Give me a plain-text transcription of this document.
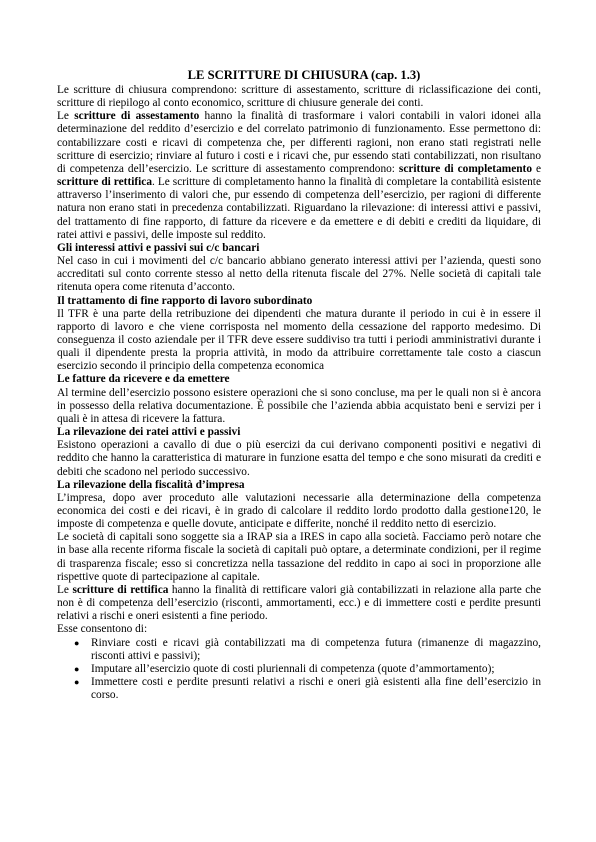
LE SCRITTURE DI CHIUSURA (cap. 1.3)

Le scritture di chiusura comprendono: scritture di assestamento, scritture di riclassificazione dei conti, scritture di riepilogo al conto economico, scritture di chiusure generale dei conti.

Le scritture di assestamento hanno la finalità di trasformare i valori contabili in valori idonei alla determinazione del reddito d’esercizio e del correlato patrimonio di funzionamento. Esse permettono di: contabilizzare costi e ricavi di competenza che, per differenti ragioni, non erano stati registrati nelle scritture di esercizio; rinviare al futuro i costi e i ricavi che, pur essendo stati contabilizzati, non risultano di competenza dell’esercizio. Le scritture di assestamento comprendono: scritture di completamento e scritture di rettifica. Le scritture di completamento hanno la finalità di completare la contabilità esistente attraverso l’inserimento di valori che, pur essendo di competenza dell’esercizio, per ragioni di differente natura non erano stati in precedenza contabilizzati. Riguardano la rilevazione: di interessi attivi e passivi, del trattamento di fine rapporto, di fatture da ricevere e da emettere e di debiti e crediti da liquidare, di ratei attivi e passivi, delle imposte sul reddito.

Gli interessi attivi e passivi sui c/c bancari

Nel caso in cui i movimenti del c/c bancario abbiano generato interessi attivi per l’azienda, questi sono accreditati sul conto corrente stesso al netto della ritenuta fiscale del 27%. Nelle società di capitali tale ritenuta opera come ritenuta d’acconto.

Il trattamento di fine rapporto di lavoro subordinato

Il TFR è una parte della retribuzione dei dipendenti che matura durante il periodo in cui è in essere il rapporto di lavoro e che viene corrisposta nel momento della cessazione del rapporto medesimo. Di conseguenza il costo aziendale per il TFR deve essere suddiviso tra tutti i periodi amministrativi durante i quali il dipendente presta la propria attività, in modo da attribuire correttamente tale costo a ciascun esercizio secondo il principio della competenza economica

Le fatture da ricevere e da emettere

Al termine dell’esercizio possono esistere operazioni che si sono concluse, ma per le quali non si è ancora in possesso della relativa documentazione. È possibile che l’azienda abbia acquistato beni e servizi per i quali è in attesa di ricevere la fattura.

La rilevazione dei ratei attivi e passivi

Esistono operazioni a cavallo di due o più esercizi da cui derivano componenti positivi e negativi di reddito che hanno la caratteristica di maturare in funzione esatta del tempo e che sono misurati da crediti e debiti che scadono nel periodo successivo.

La rilevazione della fiscalità d’impresa

L’impresa, dopo aver proceduto alle valutazioni necessarie alla determinazione della competenza economica dei costi e dei ricavi, è in grado di calcolare il reddito lordo prodotto dalla gestione120, le imposte di competenza e quelle dovute, anticipate e differite, nonché il reddito netto di esercizio.

Le società di capitali sono soggette sia a IRAP sia a IRES in capo alla società. Facciamo però notare che in base alla recente riforma fiscale la società di capitali può optare, a determinate condizioni, per il regime di trasparenza fiscale; esso si concretizza nella tassazione del reddito in capo ai soci in proporzione alle rispettive quote di partecipazione al capitale.

Le scritture di rettifica hanno la finalità di rettificare valori già contabilizzati in relazione alla parte che non è di competenza dell’esercizio (risconti, ammortamenti, ecc.) e di immettere costi e perdite presunti relativi a rischi e oneri esistenti a fine periodo.

Esse consentono di:

●	Rinviare costi e ricavi già contabilizzati ma di competenza futura (rimanenze di magazzino, risconti attivi e passivi);
●	Imputare all’esercizio quote di costi pluriennali di competenza (quote d’ammortamento);
●	Immettere costi e perdite presunti relativi a rischi e oneri già esistenti alla fine dell’esercizio in corso.
